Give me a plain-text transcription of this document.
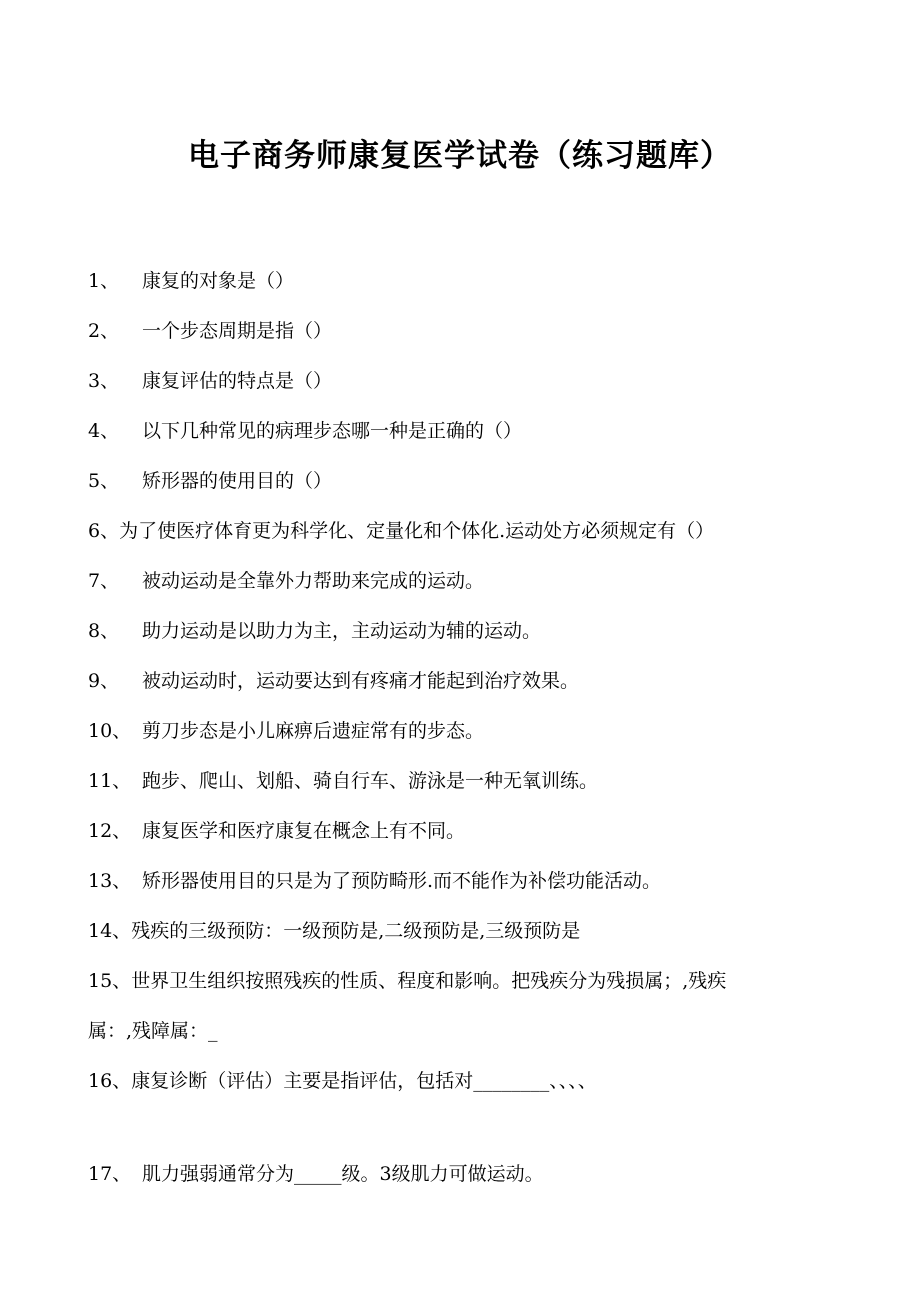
电子商务师康复医学试卷（练习题库）
1、 康复的对象是（）
2、 一个步态周期是指（）
3、 康复评估的特点是（）
4、 以下几种常见的病理步态哪一种是正确的（）
5、 矫形器的使用目的（）
6、为了使医疗体育更为科学化、定量化和个体化.运动处方必须规定有（）
7、 被动运动是全靠外力帮助来完成的运动。
8、 助力运动是以助力为主，主动运动为辅的运动。
9、 被动运动时，运动要达到有疼痛才能起到治疗效果。
10、 剪刀步态是小儿麻痹后遗症常有的步态。
11、 跑步、爬山、划船、骑自行车、游泳是一种无氧训练。
12、 康复医学和医疗康复在概念上有不同。
13、 矫形器使用目的只是为了预防畸形.而不能作为补偿功能活动。
14、残疾的三级预防：一级预防是,二级预防是,三级预防是
15、世界卫生组织按照残疾的性质、程度和影响。把残疾分为残损属；,残疾
属：,残障属：_
16、康复诊断（评估）主要是指评估，包括对________、、、、
17、 肌力强弱通常分为_____级。3级肌力可做运动。
